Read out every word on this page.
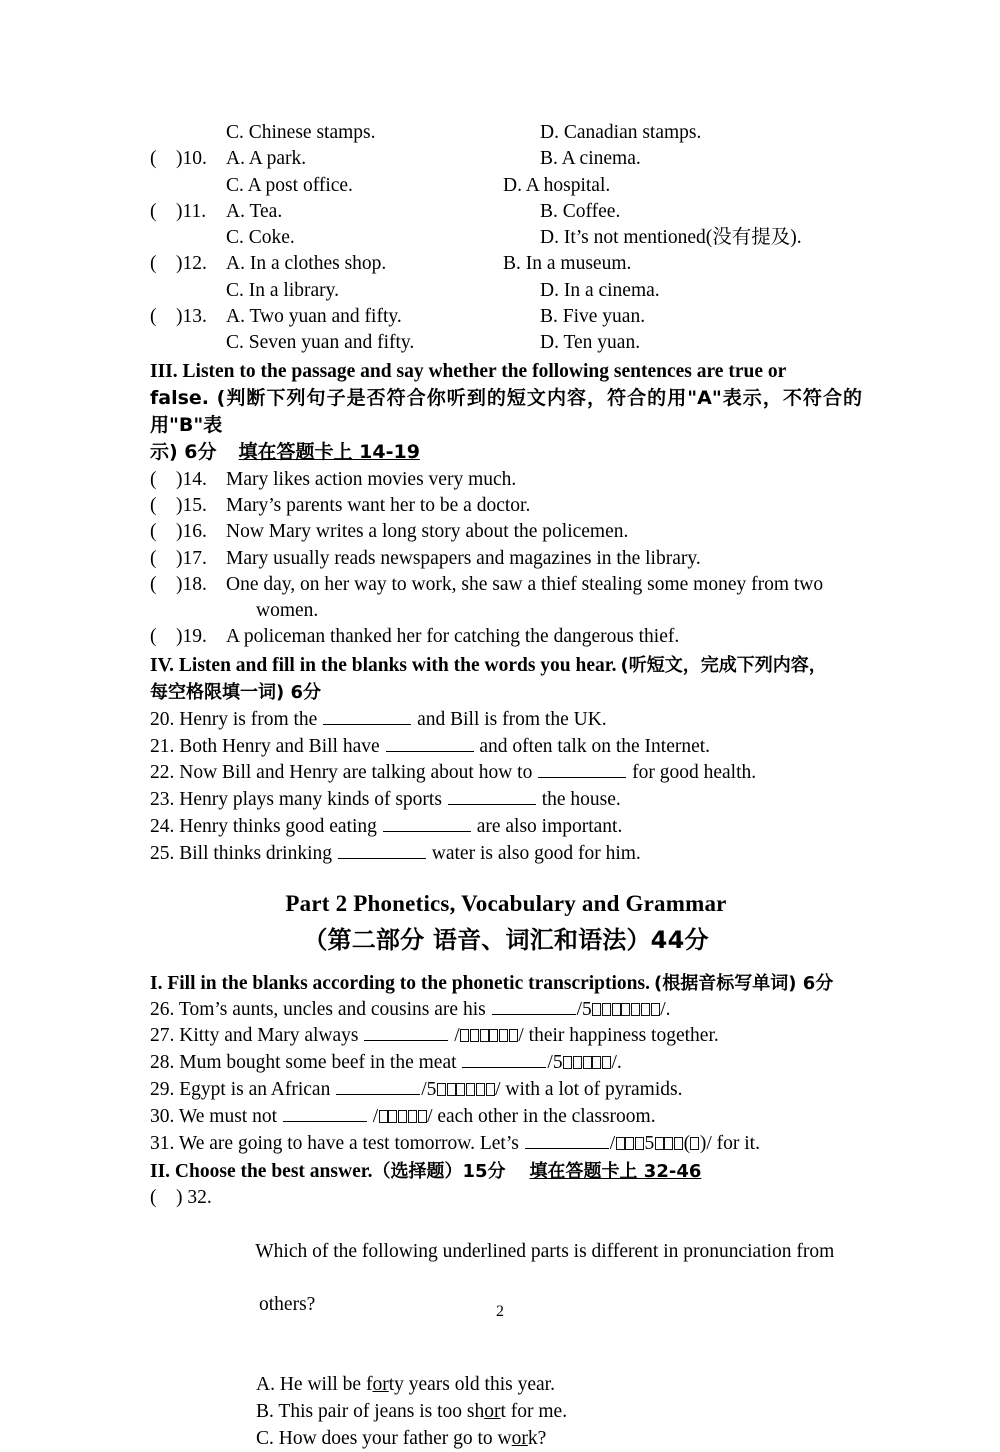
C. Chinese stamps.	D. Canadian stamps.
(    )10. A. A park.	B. A cinema.
C. A post office.	D. A hospital.
(    )11. A. Tea.	B. Coffee.
C. Coke.	D. It’s not mentioned(没有提及).
(    )12. A. In a clothes shop.	B. In a museum.
C. In a library.	D. In a cinema.
(    )13. A. Two yuan and fifty.	B. Five yuan.
C. Seven yuan and fifty.	D. Ten yuan.
III. Listen to the passage and say whether the following sentences are true or
false. (判断下列句子是否符合你听到的短文内容，符合的用"A"表示，不符合的用"B"表
示) 6分 填在答题卡上 14-19
(    )14. Mary likes action movies very much.
(    )15. Mary’s parents want her to be a doctor.
(    )16. Now Mary writes a long story about the policemen.
(    )17. Mary usually reads newspapers and magazines in the library.
(    )18. One day, on her way to work, she saw a thief stealing some money from two
women.
(    )19. A policeman thanked her for catching the dangerous thief.
IV. Listen and fill in the blanks with the words you hear. (听短文，完成下列内容，
每空格限填一词) 6分
20. Henry is from the	and Bill is from the UK.
21. Both Henry and Bill have	and often talk on the Internet.
22. Now Bill and Henry are talking about how to	for good health.
23. Henry plays many kinds of sports	the house.
24. Henry thinks good eating	are also important.
25. Bill thinks drinking	water is also good for him.
Part 2 Phonetics, Vocabulary and Grammar
（第二部分 语音、词汇和语法）44分
I. Fill in the blanks according to the phonetic transcriptions. (根据音标写单词) 6分
26. Tom’s aunts, uncles and cousins are his	/5	/.
27. Kitty and Mary always	/	/ their happiness together.
28. Mum bought some beef in the meat	/5	/.
29. Egypt is an African	/5	/ with a lot of pyramids.
30. We must not	/	/ each other in the classroom.
31. We are going to have a test tomorrow. Let’s	/ 5 ( )/ for it.
II. Choose the best answer.（选择题）15分 填在答题卡上 32-46

(    ) 32.

Which of the following underlined parts is different in pronunciation from

others?

A. He will be forty years old this year.
B. This pair of jeans is too short for me.
C. How does your father go to work?
2
